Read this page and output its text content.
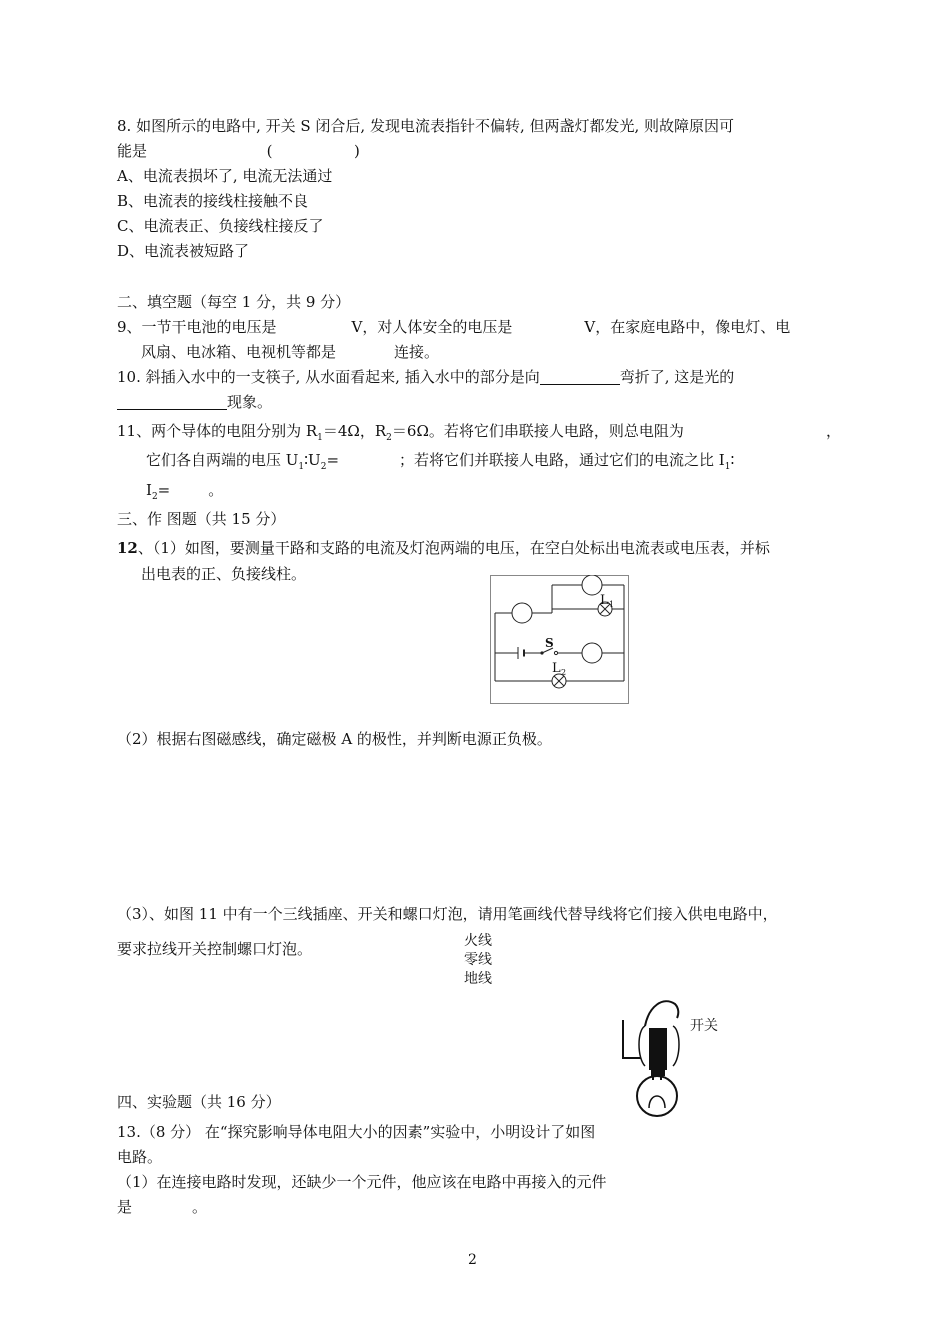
8. 如图所示的电路中, 开关 S 闭合后, 发现电流表指针不偏转, 但两盏灯都发光, 则故障原因可
能是	(	)
A、电流表损坏了, 电流无法通过
B、电流表的接线柱接触不良
C、电流表正、负接线柱接反了
D、电流表被短路了
二、填空题（每空 1 分，共 9 分）
9、一节干电池的电压是	V，对人体安全的电压是	V，在家庭电路中，像电灯、电
风扇、电冰箱、电视机等都是	连接。
10. 斜插入水中的一支筷子, 从水面看起来, 插入水中的部分是向	弯折了, 这是光的
现象。
11、两个导体的电阻分别为 $R_1=4\Omega$，$R_2=6\Omega$。若将它们串联接人电路，则总电阻为	，
它们各自两端的电压 $U_1∶U_2=$	；若将它们并联接人电路，通过它们的电流之比 $I_1∶$
$I_2=$	。
三、作 图题（共 15 分）
12、（1）如图，要测量干路和支路的电流及灯泡两端的电压，在空白处标出电流表或电压表，并标
出电表的正、负接线柱。
L 1
S
L 2
（2）根据右图磁感线，确定磁极 A 的极性，并判断电源正负极。
（3）、如图 11 中有一个三线插座、开关和螺口灯泡，请用笔画线代替导线将它们接入供电电路中，
要求拉线开关控制螺口灯泡。	火线
零线
地线
开关
四、实验题（共 16 分）
13.（8 分） 在“探究影响导体电阻大小的因素”实验中，小明设计了如图
电路。
（1）在连接电路时发现，还缺少一个元件，他应该在电路中再接入的元件
是	。
2
